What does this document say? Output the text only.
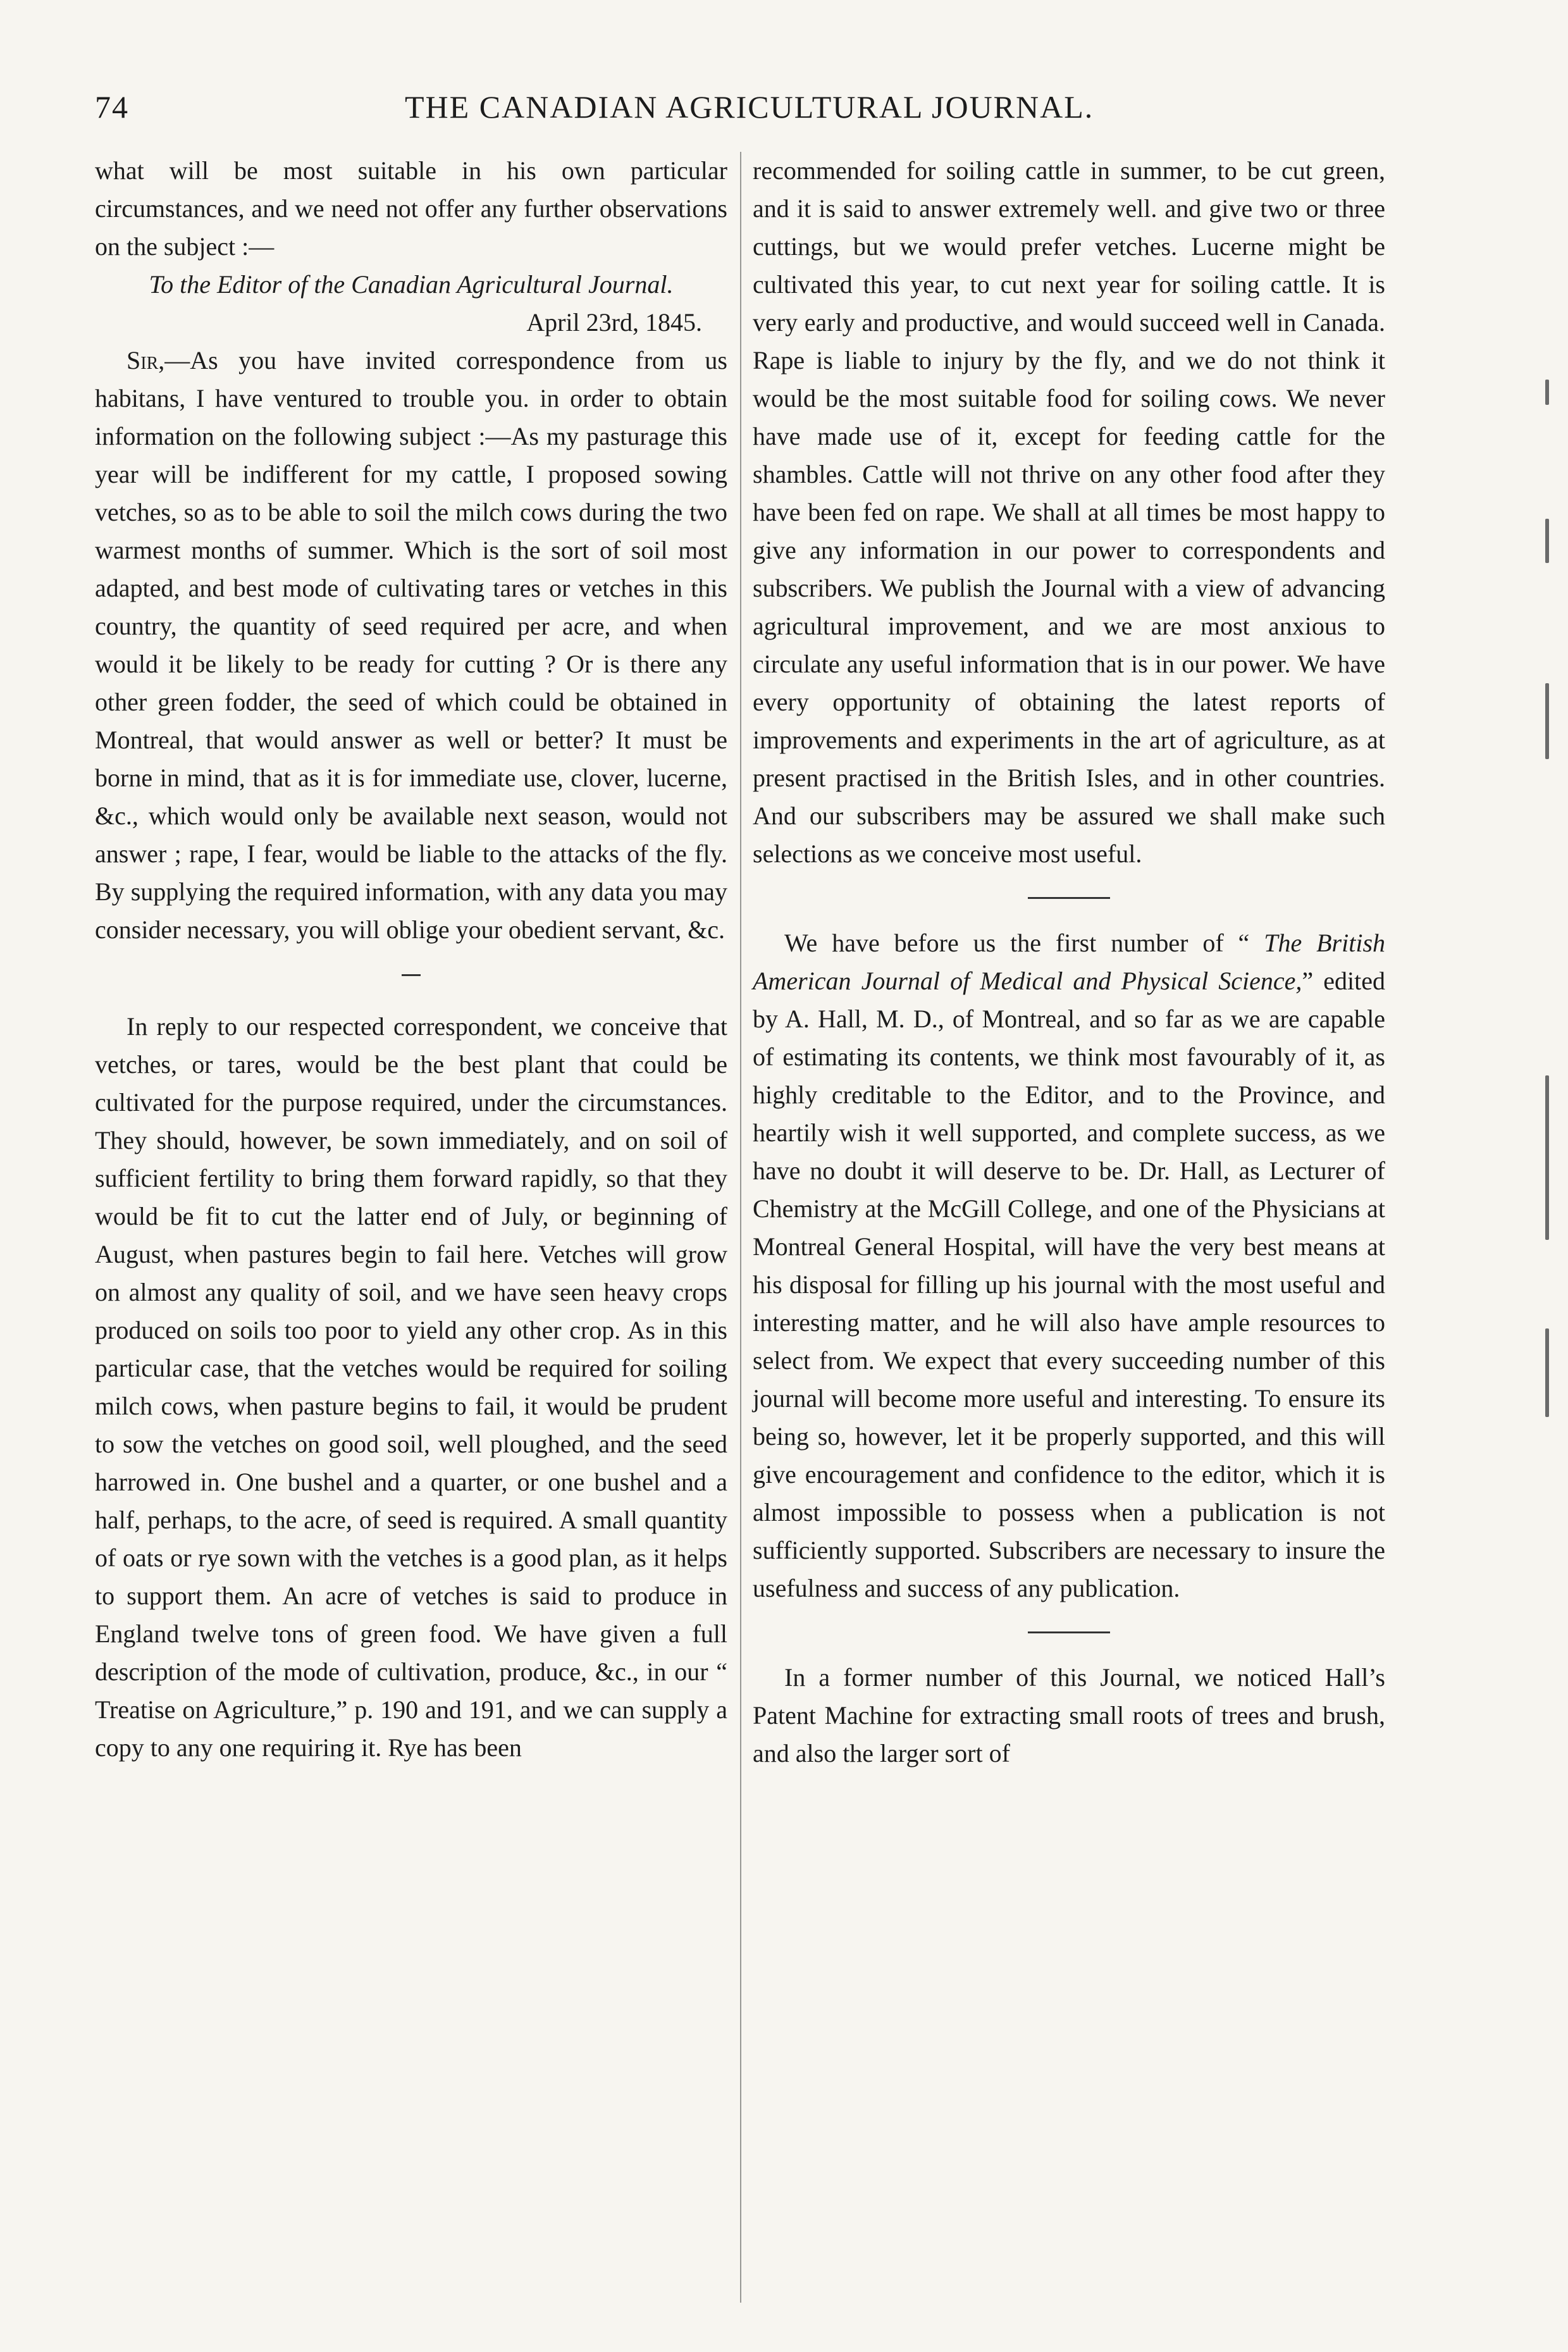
74	THE CANADIAN AGRICULTURAL JOURNAL.

what will be most suitable in his own particular circumstances, and we need not offer any further observations on the subject :—

To the Editor of the Canadian Agricultural Journal.

April 23rd, 1845.

Sir,—As you have invited correspondence from us habitans, I have ventured to trouble you. in order to obtain information on the following subject :—As my pasturage this year will be indifferent for my cattle, I proposed sowing vetches, so as to be able to soil the milch cows during the two warmest months of summer. Which is the sort of soil most adapted, and best mode of cultivating tares or vetches in this country, the quantity of seed required per acre, and when would it be likely to be ready for cutting ? Or is there any other green fodder, the seed of which could be obtained in Montreal, that would answer as well or better? It must be borne in mind, that as it is for immediate use, clover, lucerne, &c., which would only be available next season, would not answer ; rape, I fear, would be liable to the attacks of the fly. By supplying the required information, with any data you may consider necessary, you will oblige your obedient servant, &c.

In reply to our respected correspondent, we conceive that vetches, or tares, would be the best plant that could be cultivated for the purpose required, under the circumstances. They should, however, be sown immediately, and on soil of sufficient fertility to bring them forward rapidly, so that they would be fit to cut the latter end of July, or beginning of August, when pastures begin to fail here. Vetches will grow on almost any quality of soil, and we have seen heavy crops produced on soils too poor to yield any other crop. As in this particular case, that the vetches would be required for soiling milch cows, when pasture begins to fail, it would be prudent to sow the vetches on good soil, well ploughed, and the seed harrowed in. One bushel and a quarter, or one bushel and a half, perhaps, to the acre, of seed is required. A small quantity of oats or rye sown with the vetches is a good plan, as it helps to support them. An acre of vetches is said to produce in England twelve tons of green food. We have given a full description of the mode of cultivation, produce, &c., in our “ Treatise on Agriculture,” p. 190 and 191, and we can supply a copy to any one requiring it. Rye has been

recommended for soiling cattle in summer, to be cut green, and it is said to answer extremely well. and give two or three cuttings, but we would prefer vetches. Lucerne might be cultivated this year, to cut next year for soiling cattle. It is very early and productive, and would succeed well in Canada. Rape is liable to injury by the fly, and we do not think it would be the most suitable food for soiling cows. We never have made use of it, except for feeding cattle for the shambles. Cattle will not thrive on any other food after they have been fed on rape. We shall at all times be most happy to give any information in our power to correspondents and subscribers. We publish the Journal with a view of advancing agricultural improvement, and we are most anxious to circulate any useful information that is in our power. We have every opportunity of obtaining the latest reports of improvements and experiments in the art of agriculture, as at present practised in the British Isles, and in other countries. And our subscribers may be assured we shall make such selections as we conceive most useful.

We have before us the first number of “ The British American Journal of Medical and Physical Science,” edited by A. Hall, M. D., of Montreal, and so far as we are capable of estimating its contents, we think most favourably of it, as highly creditable to the Editor, and to the Province, and heartily wish it well supported, and complete success, as we have no doubt it will deserve to be. Dr. Hall, as Lecturer of Chemistry at the McGill College, and one of the Physicians at Montreal General Hospital, will have the very best means at his disposal for filling up his journal with the most useful and interesting matter, and he will also have ample resources to select from. We expect that every succeeding number of this journal will become more useful and interesting. To ensure its being so, however, let it be properly supported, and this will give encouragement and confidence to the editor, which it is almost impossible to possess when a publication is not sufficiently supported. Subscribers are necessary to insure the usefulness and success of any publication.

In a former number of this Journal, we noticed Hall’s Patent Machine for extracting small roots of trees and brush, and also the larger sort of
